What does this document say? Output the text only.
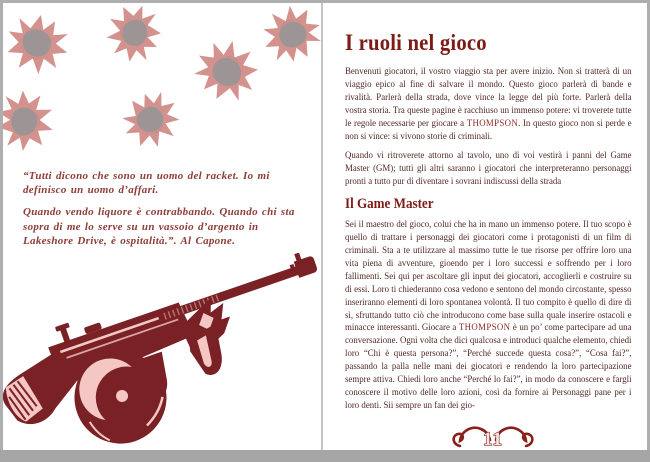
“Tutti dicono che sono un uomo del racket. Io mi definisco un uomo d’affari.

Quando vendo liquore è contrabbando. Quando chi sta sopra di me lo serve su un vassoio d’argento in Lakeshore Drive, è ospitalità.”. Al Capone.

I ruoli nel gioco

Benvenuti giocatori, il vostro viaggio sta per avere inizio. Non si tratterà di un viaggio epico al fine di salvare il mondo. Questo gioco parlerà di bande e rivalità. Parlerà della strada, dove vince la legge del più forte. Parlerà della vostra storia. Tra queste pagine è racchiuso un immenso potere: vi troverete tutte le regole necessarie per giocare a THOMPSON. In questo gioco non si perde e non si vince: si vivono storie di criminali.

Quando vi ritroverete attorno al tavolo, uno di voi vestirà i panni del Game Master (GM); tutti gli altri saranno i giocatori che interpreteranno personaggi pronti a tutto pur di diventare i sovrani indiscussi della strada

Il Game Master

Sei il maestro del gioco, colui che ha in mano un immenso potere. Il tuo scopo è quello di trattare i personaggi dei giocatori come i protagonisti di un film di criminali. Sta a te utilizzare al massimo tutte le tue risorse per offrire loro una vita piena di avventure, gioendo per i loro successi e soffrendo per i loro fallimenti. Sei qui per ascoltare gli input dei giocatori, accoglierli e costruire su di essi. Loro ti chiederanno cosa vedono e sentono del mondo circostante, spesso inseriranno elementi di loro spontanea volontà. Il tuo compito è quello di dire di sì, sfruttando tutto ciò che introducono come base sulla quale inserire ostacoli e minacce interessanti. Giocare a THOMPSON è un po’ come partecipare ad una conversazione. Ogni volta che dici qualcosa e introduci qualche elemento, chiedi loro “Chi è questa persona?”, “Perché succede questa cosa?”, “Cosa fai?”, passando la palla nelle mani dei giocatori e rendendo la loro partecipazione sempre attiva. Chiedi loro anche “Perché lo fai?”, in modo da conoscere e fargli conoscere il motivo delle loro azioni, così da fornire ai Personaggi pane per i loro denti. Sii sempre un fan dei gio-

11
